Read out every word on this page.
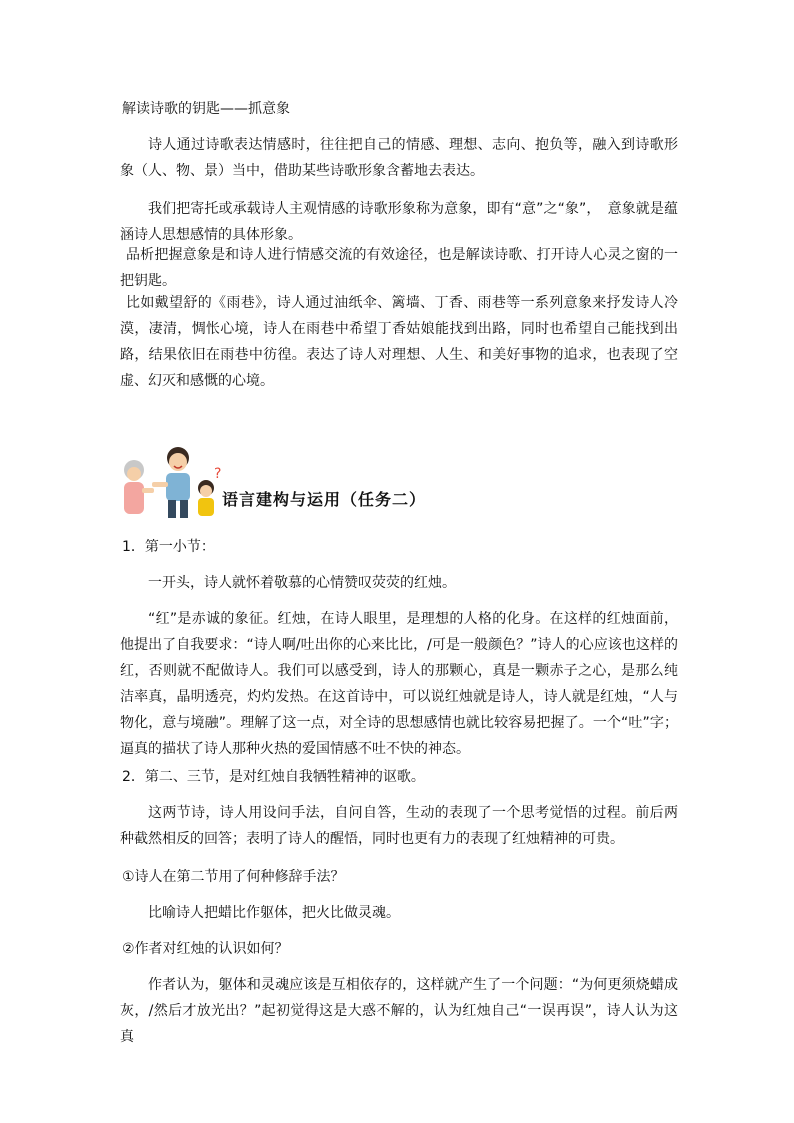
解读诗歌的钥匙——抓意象

诗人通过诗歌表达情感时，往往把自己的情感、理想、志向、抱负等，融入到诗歌形象（人、物、景）当中，借助某些诗歌形象含蓄地去表达。

我们把寄托或承载诗人主观情感的诗歌形象称为意象，即有“意”之“象”，　意象就是蕴涵诗人思想感情的具体形象。

品析把握意象是和诗人进行情感交流的有效途径，也是解读诗歌、打开诗人心灵之窗的一把钥匙。

比如戴望舒的《雨巷》，诗人通过油纸伞、篱墙、丁香、雨巷等一系列意象来抒发诗人冷漠，凄清，惆怅心境，诗人在雨巷中希望丁香姑娘能找到出路，同时也希望自己能找到出路，结果依旧在雨巷中彷徨。表达了诗人对理想、人生、和美好事物的追求，也表现了空虚、幻灭和感慨的心境。

?
语言建构与运用（任务二）

1．第一小节：

一开头，诗人就怀着敬慕的心情赞叹荧荧的红烛。

“红”是赤诚的象征。红烛，在诗人眼里，是理想的人格的化身。在这样的红烛面前，他提出了自我要求：“诗人啊/吐出你的心来比比，/可是一般颜色？”诗人的心应该也这样的红，否则就不配做诗人。我们可以感受到，诗人的那颗心，真是一颗赤子之心，是那么纯洁率真，晶明透亮，灼灼发热。在这首诗中，可以说红烛就是诗人，诗人就是红烛，“人与物化，意与境融”。理解了这一点，对全诗的思想感情也就比较容易把握了。一个“吐”字；逼真的描状了诗人那种火热的爱国情感不吐不快的神态。

2．第二、三节，是对红烛自我牺牲精神的讴歌。

这两节诗，诗人用设问手法，自问自答，生动的表现了一个思考觉悟的过程。前后两种截然相反的回答；表明了诗人的醒悟，同时也更有力的表现了红烛精神的可贵。

①诗人在第二节用了何种修辞手法？

比喻诗人把蜡比作躯体，把火比做灵魂。

②作者对红烛的认识如何？

作者认为，躯体和灵魂应该是互相依存的，这样就产生了一个问题：“为何更须烧蜡成灰，/然后才放光出？”起初觉得这是大惑不解的，认为红烛自己“一误再误”，诗人认为这真
